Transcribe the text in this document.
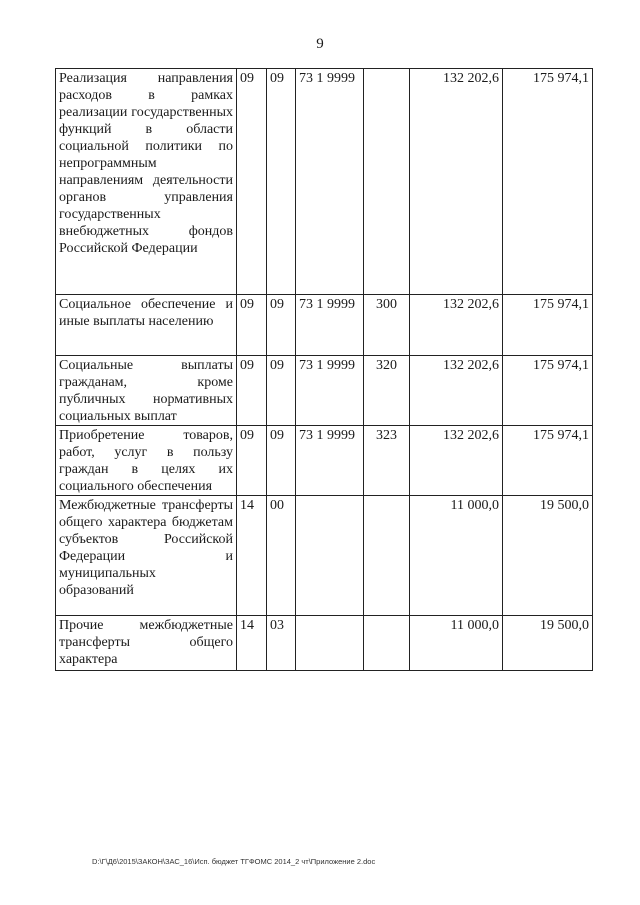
9
Реализация направления расходов в рамках реализации государственных функций в области социальной политики по непрограммным направлениям деятельности органов управления государственных внебюджетных фондов Российской Федерации	09	09	73 1 9999		132 202,6	175 974,1
Социальное обеспечение и иные выплаты населению	09	09	73 1 9999	300	132 202,6	175 974,1
Социальные выплаты гражданам, кроме публичных нормативных социальных выплат	09	09	73 1 9999	320	132 202,6	175 974,1
Приобретение товаров, работ, услуг в пользу граждан в целях их социального обеспечения	09	09	73 1 9999	323	132 202,6	175 974,1
Межбюджетные трансферты общего характера бюджетам субъектов Российской Федерации и муниципальных образований	14	00			11 000,0	19 500,0
Прочие межбюджетные трансферты общего характера	14	03			11 000,0	19 500,0
D:\Г\Д6\2015\ЗАКОН\ЗАС_16\Исп. бюджет ТГФОМС 2014_2 чт\Приложение 2.doc
